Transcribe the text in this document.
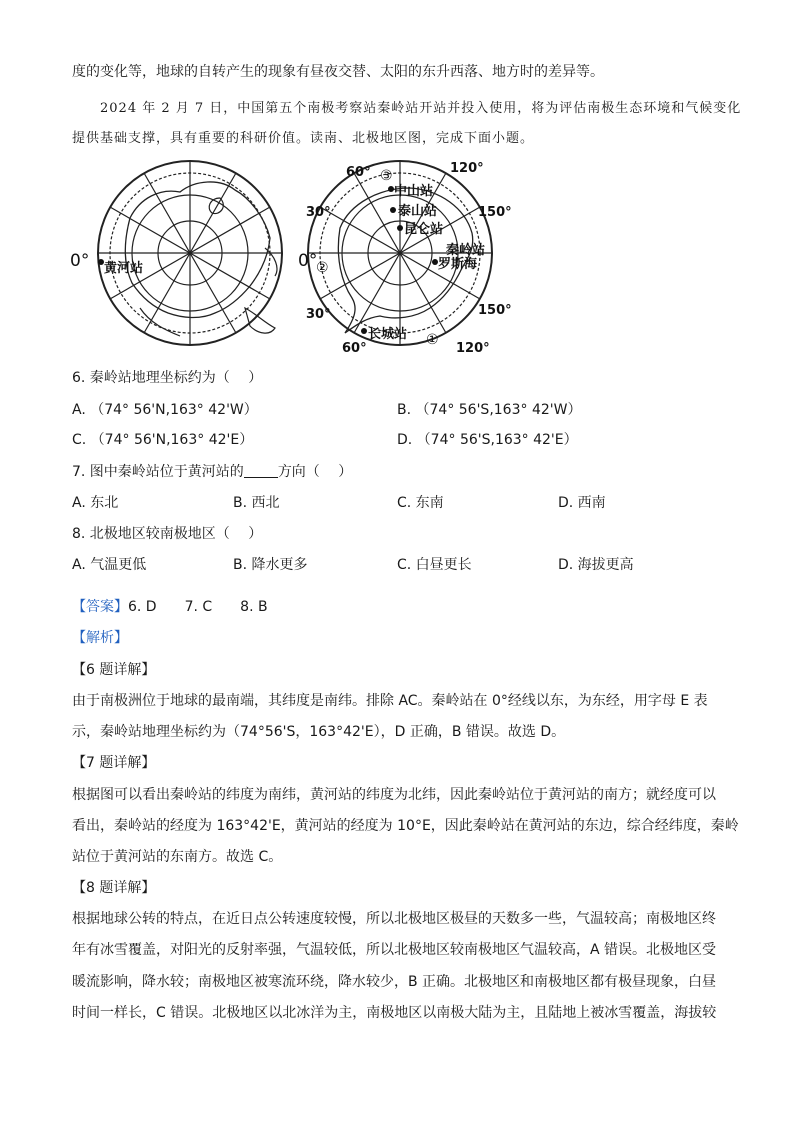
度的变化等，地球的自转产生的现象有昼夜交替、太阳的东升西落、地方时的差异等。
2024 年 2 月 7 日，中国第五个南极考察站秦岭站开站并投入使用，将为评估南极生态环境和气候变化
提供基础支撑，具有重要的科研价值。读南、北极地区图，完成下面小题。
0° 黄河站
60°	120°
30°	150°
0°
30°	150°
60°	120°
③
②
①
中山站
泰山站
昆仑站
秦岭站
罗斯海
长城站
6. 秦岭站地理坐标约为（　 ）
A. （74° 56'N,163° 42'W）	B. （74° 56'S,163° 42'W）
C. （74° 56'N,163° 42'E）	D. （74° 56'S,163° 42'E）
7. 图中秦岭站位于黄河站的 方向（　 ）
A. 东北	B. 西北	C. 东南	D. 西南
8. 北极地区较南极地区（　 ）
A. 气温更低	B. 降水更多	C. 白昼更长	D. 海拔更高
【答案】6. D　　7. C　　8. B
【解析】
【6 题详解】
由于南极洲位于地球的最南端，其纬度是南纬。排除 AC。秦岭站在 0°经线以东，为东经，用字母 E 表
示，秦岭站地理坐标约为（74°56'S，163°42'E），D 正确，B 错误。故选 D。
【7 题详解】
根据图可以看出秦岭站的纬度为南纬，黄河站的纬度为北纬，因此秦岭站位于黄河站的南方；就经度可以
看出，秦岭站的经度为 163°42'E，黄河站的经度为 10°E，因此秦岭站在黄河站的东边，综合经纬度，秦岭
站位于黄河站的东南方。故选 C。
【8 题详解】
根据地球公转的特点，在近日点公转速度较慢，所以北极地区极昼的天数多一些，气温较高；南极地区终
年有冰雪覆盖，对阳光的反射率强，气温较低，所以北极地区较南极地区气温较高，A 错误。北极地区受
暖流影响，降水较；南极地区被寒流环绕，降水较少，B 正确。北极地区和南极地区都有极昼现象，白昼
时间一样长，C 错误。北极地区以北冰洋为主，南极地区以南极大陆为主，且陆地上被冰雪覆盖，海拔较
